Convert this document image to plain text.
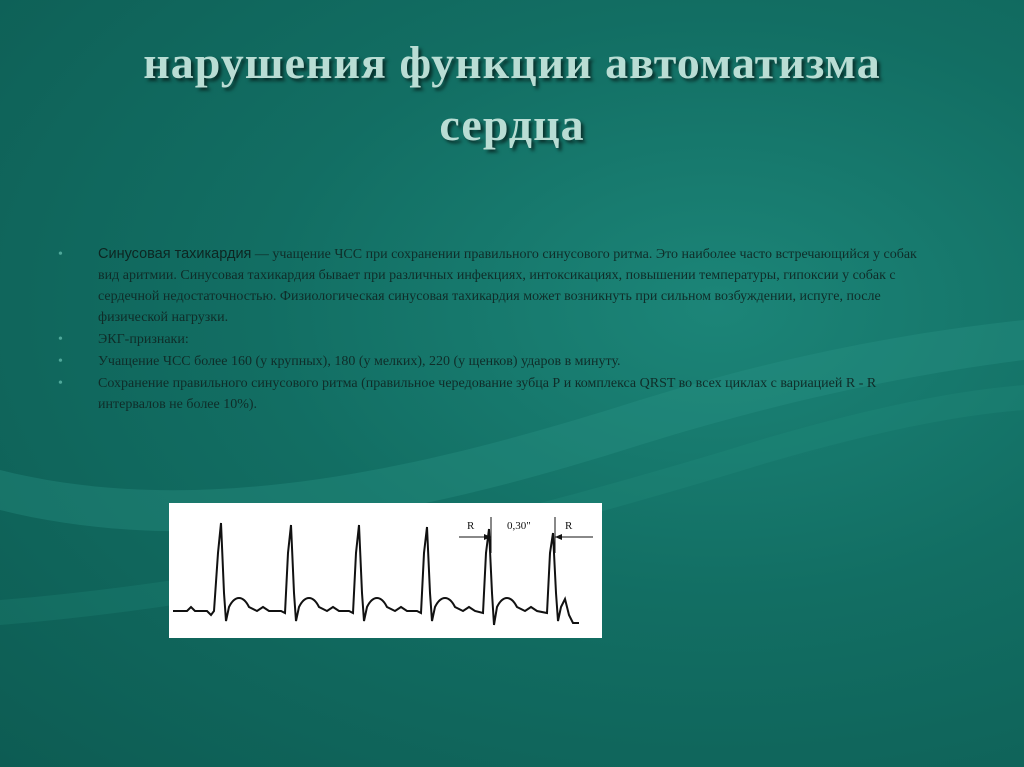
нарушения функции автоматизма
сердца
• Синусовая тахикардия — учащение ЧСС при сохранении правильного синусового ритма. Это наиболее часто встречающийся у собак вид аритмии. Синусовая тахикардия бывает при различных инфекциях, интоксикациях, повышении температуры, гипоксии у собак с сердечной недостаточностью. Физиологическая синусовая тахикардия может возникнуть при сильном возбуждении, испуге, после физической нагрузки.
•	ЭКГ-признаки:
•	Учащение ЧСС более 160 (у крупных), 180 (у мелких), 220 (у щенков) ударов в минуту.
•	Сохранение правильного синусового ритма (правильное чередование зубца Р и комплекса QRST во всех циклах с вариацией R - R интервалов не более 10%).
R	0,30"	R
